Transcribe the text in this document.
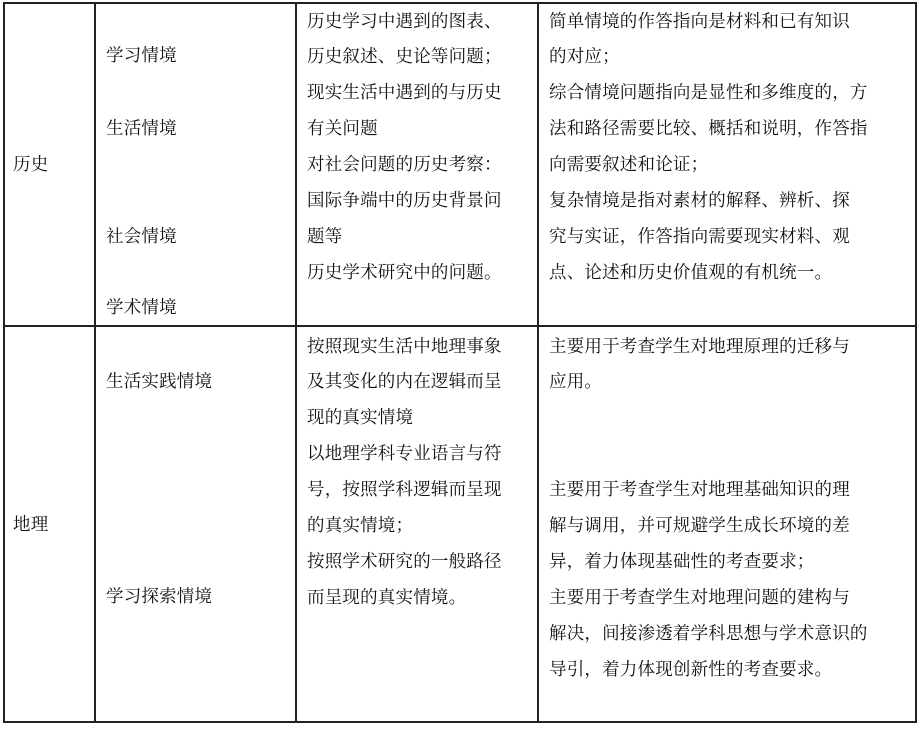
历史
学习情境
生活情境
社会情境
学术情境
历史学习中遇到的图表、
历史叙述、史论等问题；
现实生活中遇到的与历史
有关问题
对社会问题的历史考察：
国际争端中的历史背景问
题等
历史学术研究中的问题。
简单情境的作答指向是材料和已有知识
的对应；
综合情境问题指向是显性和多维度的，方
法和路径需要比较、概括和说明，作答指
向需要叙述和论证；
复杂情境是指对素材的解释、辨析、探
究与实证，作答指向需要现实材料、观
点、论述和历史价值观的有机统一。
地理
生活实践情境
学习探索情境
按照现实生活中地理事象
及其变化的内在逻辑而呈
现的真实情境
以地理学科专业语言与符
号，按照学科逻辑而呈现
的真实情境；
按照学术研究的一般路径
而呈现的真实情境。
主要用于考查学生对地理原理的迁移与
应用。
主要用于考查学生对地理基础知识的理
解与调用，并可规避学生成长环境的差
异，着力体现基础性的考查要求；
主要用于考查学生对地理问题的建构与
解决，间接渗透着学科思想与学术意识的
导引，着力体现创新性的考查要求。
